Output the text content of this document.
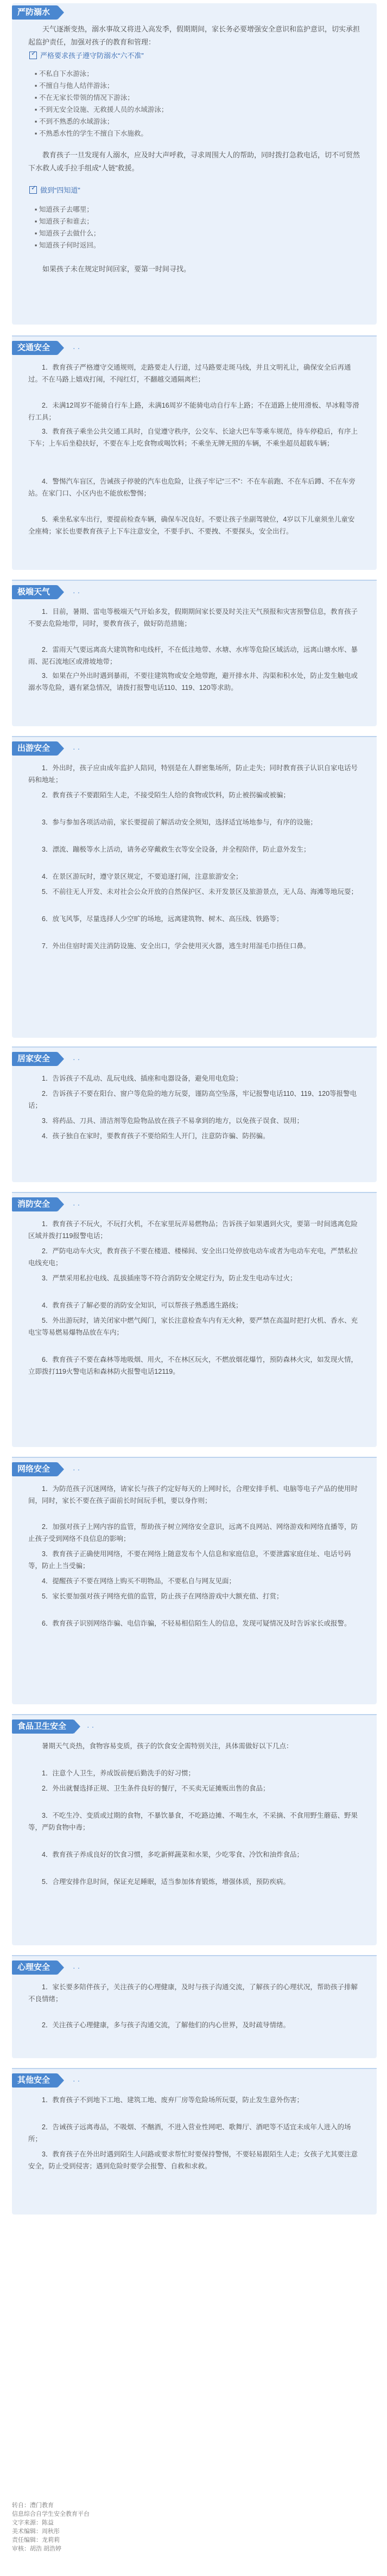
严防溺水
天气逐渐变热，溺水事故又将进入高发季，假期期间，家长务必要增强安全意识和监护意识，切实承担起监护责任，加强对孩子的教育和管理：
✓严格要求孩子遵守防溺水“六不准”
▪ 不私自下水游泳；
▪ 不擅自与他人结伴游泳；
▪ 不在无家长带领的情况下游泳；
▪ 不到无安全设施、无救援人员的水域游泳；
▪ 不到不熟悉的水域游泳；
▪ 不熟悉水性的学生不擅自下水施救。
教育孩子一旦发现有人溺水，应及时大声呼救，寻求周围大人的帮助，同时拨打急救电话，切不可贸然下水救人或手拉手组成“人链”救援。
✓做到“四知道”
▪ 知道孩子去哪里；
▪ 知道孩子和谁去；
▪ 知道孩子去做什么；
▪ 知道孩子何时返回。
如果孩子未在规定时间回家，要第一时间寻找。
交通安全	··
1．教育孩子严格遵守交通规则，走路要走人行道，过马路要走斑马线，并且文明礼让，确保安全后再通过。不在马路上嬉戏打闹，不闯红灯，不翻越交通隔离栏；
2．未满12周岁不能骑自行车上路，未满16周岁不能骑电动自行车上路；不在道路上使用滑板、旱冰鞋等滑行工具；
3．教育孩子乘坐公共交通工具时，自觉遵守秩序，公交车、长途大巴车等乘车规范，待车停稳后，有序上下车；上车后坐稳扶好，不要在车上吃食物或喝饮料；不乘坐无牌无照的车辆，不乘坐超员超载车辆；
4．警惕汽车盲区，告诫孩子停驶的汽车也危险，让孩子牢记“三不”：不在车前跑、不在车后蹲、不在车旁站。在家门口、小区内也不能放松警惕；
5．乘坐私家车出行，要提前检查车辆，确保车况良好。不要让孩子坐副驾驶位，4岁以下儿童须坐儿童安全座椅；家长也要教育孩子上下车注意安全，不要手扒、不要拽、不要探头，安全出行。
极端天气	··
1．目前，暑期、雷电等极端天气开始多发，假期期间家长要及时关注天气预报和灾害预警信息，教育孩子不要去危险地带，同时，要教育孩子，做好防范措施；
2．雷雨天气要远离高大建筑物和电线杆，不在低洼地带、水塘、水库等危险区域活动，远离山塘水库、暴雨、泥石流地区或滑坡地带；
3．如果在户外出时遇到暴雨，不要往建筑物或安全地带跑，避开排水井、沟渠和积水处，防止发生触电或溺水等危险，遇有紧急情况，请拨打报警电话110、119、120等求助。
出游安全	··
1．外出时，孩子应由成年监护人陪同，特别是在人群密集场所，防止走失；同时教育孩子认识自家电话号码和地址；
2．教育孩子不要跟陌生人走，不接受陌生人给的食物或饮料，防止被拐骗或被骗；
3．参与参加各项活动前，家长要提前了解活动安全须知，选择适宜场地参与，有序的设施；
3．漂流、蹦极等水上活动，请务必穿戴救生衣等安全设备，并全程陪伴，防止意外发生；
4．在景区游玩时，遵守景区规定，不要追逐打闹，注意旅游安全；
5．不前往无人开发、未对社会公众开放的自然保护区、未开发景区及旅游景点，无人岛、海滩等地玩耍；
6．放飞风筝，尽量选择人少空旷的场地，远离建筑物、树木、高压线、铁路等；
7．外出住宿时需关注消防设施、安全出口，学会使用灭火器，逃生时用湿毛巾捂住口鼻。
居家安全	··
1．告诉孩子不乱动、乱玩电线、插座和电器设备，避免用电危险；
2．告诉孩子不要在阳台、窗户等危险的地方玩耍，谨防高空坠落，牢记报警电话110、119、120等报警电话；
3．将药品、刀具、清洁剂等危险物品放在孩子不易拿到的地方，以免孩子误食、误用；
4．孩子独自在家时，要教育孩子不要给陌生人开门，注意防诈骗、防拐骗。
消防安全	··
1．教育孩子不玩火，不玩打火机，不在家里玩弄易燃物品；告诉孩子如果遇到火灾，要第一时间逃离危险区域并拨打119报警电话；
2．严防电动车火灾，教育孩子不要在楼道、楼梯间、安全出口处停放电动车或者为电动车充电，严禁私拉电线充电；
3．严禁采用私拉电线、乱拔插座等不符合消防安全规定行为，防止发生电动车过火；
4．教育孩子了解必要的消防安全知识，可以帮孩子熟悉逃生路线；
5．外出游玩时，请关闭家中燃气阀门，家长注意检查车内有无火种，要严禁在高温时把打火机、香水、充电宝等易燃易爆物品放在车内；
6．教育孩子不要在森林等地吸烟、用火，不在林区玩火，不燃放烟花爆竹，预防森林火灾，如发现火情，立即拨打119火警电话和森林防火报警电话12119。
网络安全	··
1．为防范孩子沉迷网络，请家长与孩子约定好每天的上网时长，合理安排手机、电脑等电子产品的使用时间，同时，家长不要在孩子面前长时间玩手机，要以身作则；
2．加强对孩子上网内容的监管，帮助孩子树立网络安全意识，远离不良网站、网络游戏和网络直播等，防止孩子受到网络不良信息的影响；
3．教育孩子正确使用网络，不要在网络上随意发布个人信息和家庭信息，不要泄露家庭住址、电话号码等，防止上当受骗；
4．提醒孩子不要在网络上购买不明物品，不要私自与网友见面；
5．家长要加强对孩子网络充值的监管，防止孩子在网络游戏中大额充值、打赏；
6．教育孩子识别网络诈骗、电信诈骗，不轻易相信陌生人的信息，发现可疑情况及时告诉家长或报警。
食品卫生安全	··
暑期天气炎热，食物容易变质，孩子的饮食安全需特别关注，具体需做好以下几点：
1．注意个人卫生，养成饭前便后勤洗手的好习惯；
2．外出就餐选择正规、卫生条件良好的餐厅，不买卖无证摊贩出售的食品；
3．不吃生冷、变质或过期的食物，不暴饮暴食，不吃路边摊、不喝生水，不采摘、不食用野生蘑菇、野果等，严防食物中毒；
4．教育孩子养成良好的饮食习惯，多吃新鲜蔬菜和水果，少吃零食、冷饮和油炸食品；
5．合理安排作息时间，保证充足睡眠，适当参加体育锻炼，增强体质，预防疾病。
心理安全	··
1．家长要多陪伴孩子，关注孩子的心理健康，及时与孩子沟通交流，了解孩子的心理状况，帮助孩子排解不良情绪；
2．关注孩子心理健康，多与孩子沟通交流，了解他们的内心世界，及时疏导情绪。
其他安全	··
1．教育孩子不到地下工地、建筑工地、废弃厂房等危险场所玩耍，防止发生意外伤害；
2．告诫孩子远离毒品，不吸烟、不酗酒，不进入营业性网吧、歌舞厅、酒吧等不适宜未成年人进入的场所；
3．教育孩子在外出时遇到陌生人问路或要求帮忙时要保持警惕，不要轻易跟陌生人走；女孩子尤其要注意安全，防止受到侵害；遇到危险时要学会报警、自救和求救。
转自：澧门教育
信息综合自学生安全教育平台
文字来源：陈益
美术编辑：周秋彤
责任编辑：龙莉莉
审核：胡浩 胡浩婷
